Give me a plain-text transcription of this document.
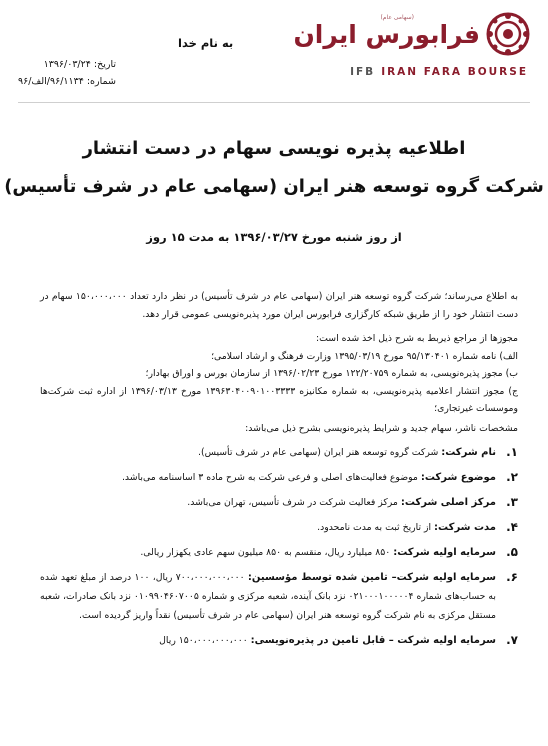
فرابورس ایران
(سهامی عام)
IFB IRAN FARA BOURSE
به نام خدا
تاریخ: ۱۳۹۶/۰۳/۲۴
شماره: ۹۶/۱۱۳۴/الف/۹۶
اطلاعیه پذیره نویسی سهام در دست انتشار
شرکت گروه توسعه هنر ایران (سهامی عام در شرف تأسیس)
از روز شنبه مورخ ۱۳۹۶/۰۳/۲۷ به مدت ۱۵ روز

به اطلاع می‌رساند؛ شرکت گروه توسعه هنر ایران (سهامی عام در شرف تأسیس) در نظر دارد تعداد ۱۵۰،۰۰۰،۰۰۰ سهام در دست انتشار خود را از طریق شبکه کارگزاری فرابورس ایران مورد پذیره‌نویسی عمومی قرار دهد.

مجوزها از مراجع ذیربط به شرح ذیل اخذ شده است:

الف) نامه شماره ۹۵/۱۳۰۴۰۱ مورخ ۱۳۹۵/۰۳/۱۹ وزارت فرهنگ و ارشاد اسلامی؛

ب) مجوز پذیره‌نویسی، به شماره ۱۲۲/۲۰۷۵۹ مورخ ۱۳۹۶/۰۲/۲۳ از سازمان بورس و اوراق بهادار؛

ج) مجوز انتشار اعلامیه پذیره‌نویسی، به شماره مکانیزه ۱۳۹۶۳۰۴۰۰۹۰۱۰۰۳۳۳۳ مورخ ۱۳۹۶/۰۳/۱۳ از اداره ثبت شرکت‌ها وموسسات غیرتجاری؛

مشخصات ناشر، سهام جدید و شرایط پذیره‌نویسی بشرح ذیل می‌باشد:

۱.
نام شرکت: شرکت گروه توسعه هنر ایران (سهامی عام در شرف تأسیس).
۲.
موضوع شرکت: موضوع فعالیت‌های اصلی و فرعی شرکت به شرح ماده ۳ اساسنامه می‌باشد.
۳.
مرکز اصلی شرکت: مرکز فعالیت شرکت در شرف تأسیس، تهران می‌باشد.
۴.
مدت شرکت: از تاریخ ثبت به مدت نامحدود.
۵.
سرمایه اولیه شرکت: ۸۵۰ میلیارد ریال، منقسم به ۸۵۰ میلیون سهم عادی یکهزار ریالی.
۶.
سرمایه اولیه شرکت– تامین شده توسط مؤسسین: ۷۰۰،۰۰۰،۰۰۰،۰۰۰ ریال، ۱۰۰ درصد از مبلغ تعهد شده به حساب‌های شماره ۰۲۱۰۰۰۱۰۰۰۰۰۴ نزد بانک آینده، شعبه مرکزی و شماره ۰۱۰۹۹۰۴۶۰۷۰۰۵ نزد بانک صادرات، شعبه مستقل مرکزی به نام شرکت گروه توسعه هنر ایران (سهامی عام در شرف تأسیس) نقداً واریز گردیده است.
۷.
سرمایه اولیه شرکت – قابل تامین در پذیره‌نویسی: ۱۵۰،۰۰۰،۰۰۰،۰۰۰ ریال
